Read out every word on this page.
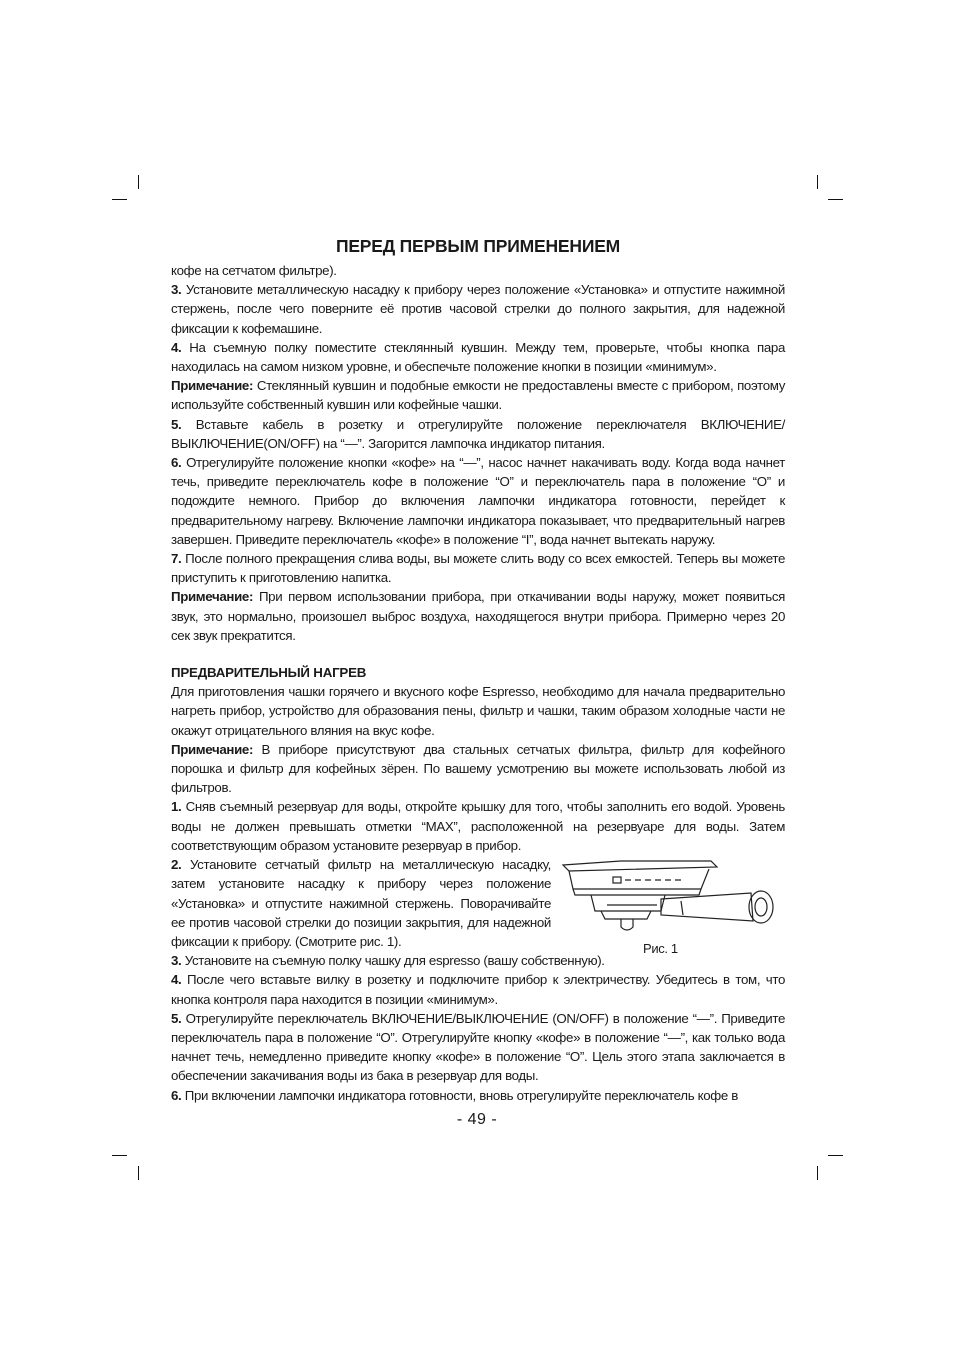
ПЕРЕД ПЕРВЫМ ПРИМЕНЕНИЕМ

кофе на сетчатом фильтре).

3. Установите металлическую насадку к прибору через положение «Установка» и отпустите нажимной стержень, после чего поверните её против часовой стрелки до полного закрытия, для надежной фиксации к кофемашине.

4. На съемную полку поместите стеклянный кувшин. Между тем, проверьте, чтобы кнопка пара находилась на самом низком уровне, и обеспечьте положение кнопки в позиции «минимум».

Примечание: Стеклянный кувшин и подобные емкости не предоставлены вместе с прибором, поэтому используйте собственный кувшин или кофейные чашки.

5. Вставьте кабель в розетку и отрегулируйте положение переключателя ВКЛЮЧЕНИЕ/ВЫКЛЮЧЕНИЕ(ON/OFF) на “—”. Загорится лампочка индикатор питания.

6. Отрегулируйте положение кнопки «кофе» на “—”, насос начнет накачивать воду. Когда вода начнет течь, приведите переключатель кофе в положение “O” и переключатель пара в положение “O” и подождите немного. Прибор до включения лампочки индикатора готовности, перейдет к предварительному нагреву. Включение лампочки индикатора показывает, что предварительный нагрев завершен. Приведите переключатель «кофе» в положение “I”, вода начнет вытекать наружу.

7. После полного прекращения слива воды, вы можете слить воду со всех емкостей. Теперь вы можете приступить к приготовлению напитка.

Примечание: При первом использовании прибора, при откачивании воды наружу, может появиться звук, это нормально, произошел выброс воздуха, находящегося внутри прибора. Примерно через 20 сек звук прекратится.

ПРЕДВАРИТЕЛЬНЫЙ НАГРЕВ

Для приготовления чашки горячего и вкусного кофе Espresso, необходимо для начала предварительно нагреть прибор, устройство для образования пены, фильтр и чашки, таким образом холодные части не окажут отрицательного вляния на вкус кофе.

Примечание: В приборе присутствуют два стальных сетчатых фильтра, фильтр для кофейного порошка и фильтр для кофейных зёрен. По вашему усмотрению вы можете использовать любой из фильтров.

1. Сняв съемный резервуар для воды, откройте крышку для того, чтобы заполнить его водой. Уровень воды не должен превышать отметки “MAX”, расположенной на резервуаре для воды. Затем соответствующим образом установите резервуар в прибор.

2. Установите сетчатый фильтр на металлическую насадку, затем установите насадку к прибору через положение «Установка» и отпустите нажимной стержень. Поворачивайте ее против часовой стрелки до позиции закрытия, для надежной фиксации к прибору. (Смотрите рис. 1).	Рис. 1

3. Установите на съемную полку чашку для espresso (вашу собственную).

4. После чего вставьте вилку в розетку и подключите прибор к электричеству. Убедитесь в том, что кнопка контроля пара находится в позиции «минимум».

5. Отрегулируйте переключатель ВКЛЮЧЕНИЕ/ВЫКЛЮЧЕНИЕ (ON/OFF) в положение “—”. Приведите переключатель пара в положение “O”. Отрегулируйте кнопку «кофе» в положение “—”, как только вода начнет течь, немедленно приведите кнопку «кофе» в положение “O”. Цель этого этапа заключается в обеспечении закачивания воды из бака в резервуар для воды.

6. При включении лампочки индикатора готовности, вновь отрегулируйте переключатель кофе в

- 49 -
